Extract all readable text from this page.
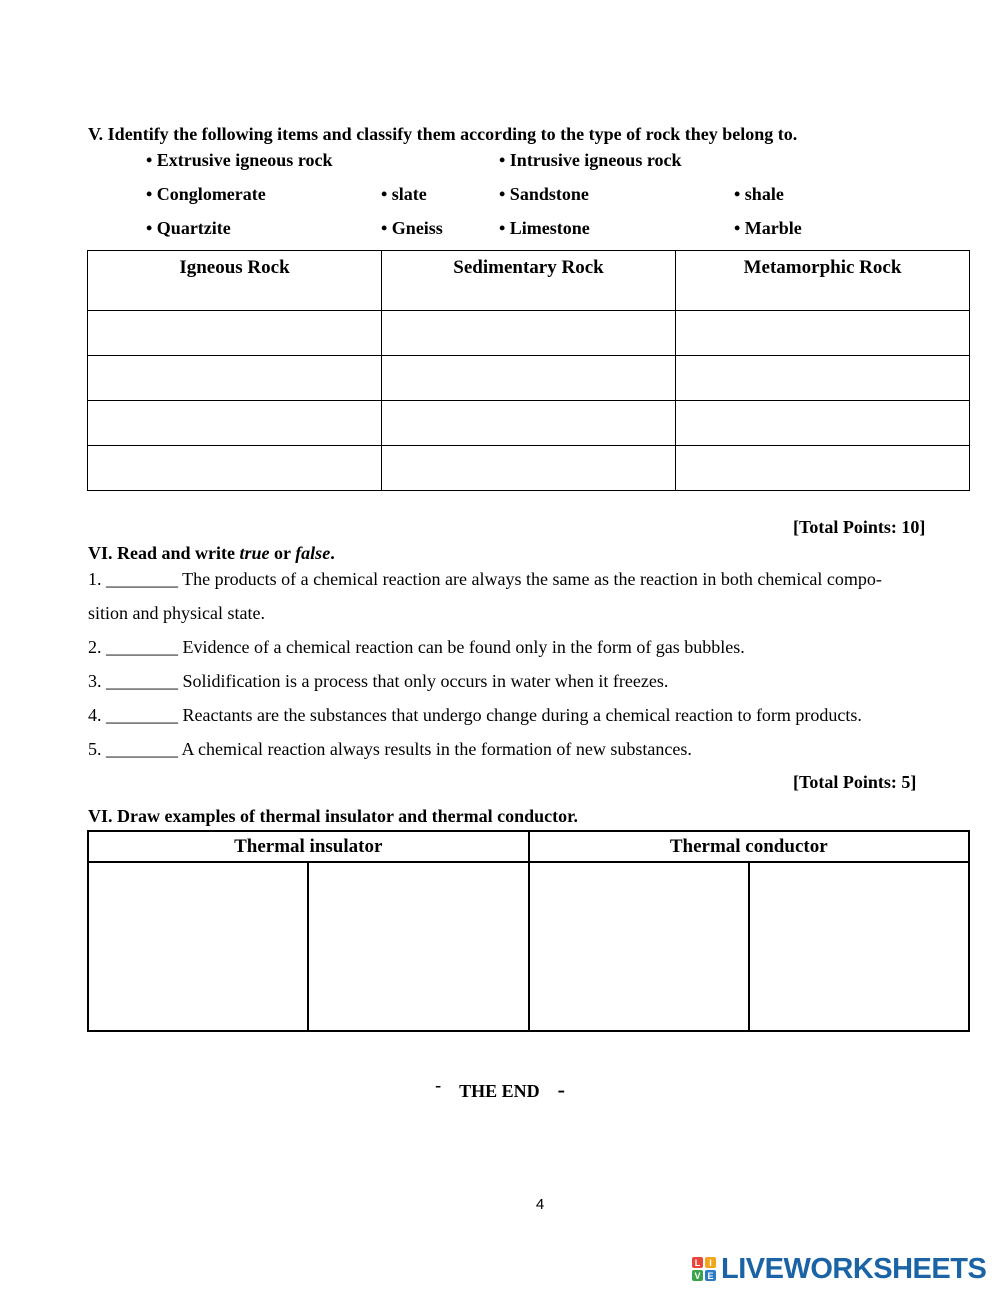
V. Identify the following items and classify them according to the type of rock they belong to.
• Extrusive igneous rock	• Intrusive igneous rock
• Conglomerate	• slate	• Sandstone	• shale
• Quartzite	• Gneiss	• Limestone	• Marble
Igneous Rock	Sedimentary Rock	Metamorphic Rock

[Total Points: 10]
VI. Read and write true or false.
1. ________ The products of a chemical reaction are always the same as the reaction in both chemical compo-
sition and physical state.
2. ________ Evidence of a chemical reaction can be found only in the form of gas bubbles.
3. ________ Solidification is a process that only occurs in water when it freezes.
4. ________ Reactants are the substances that undergo change during a chemical reaction to form products.
5. ________ A chemical reaction always results in the formation of new substances.
[Total Points: 5]
VI. Draw examples of thermal insulator and thermal conductor.
Thermal insulator		Thermal conductor	

- THE END -
4
L I
V E LIVEWORKSHEETS
